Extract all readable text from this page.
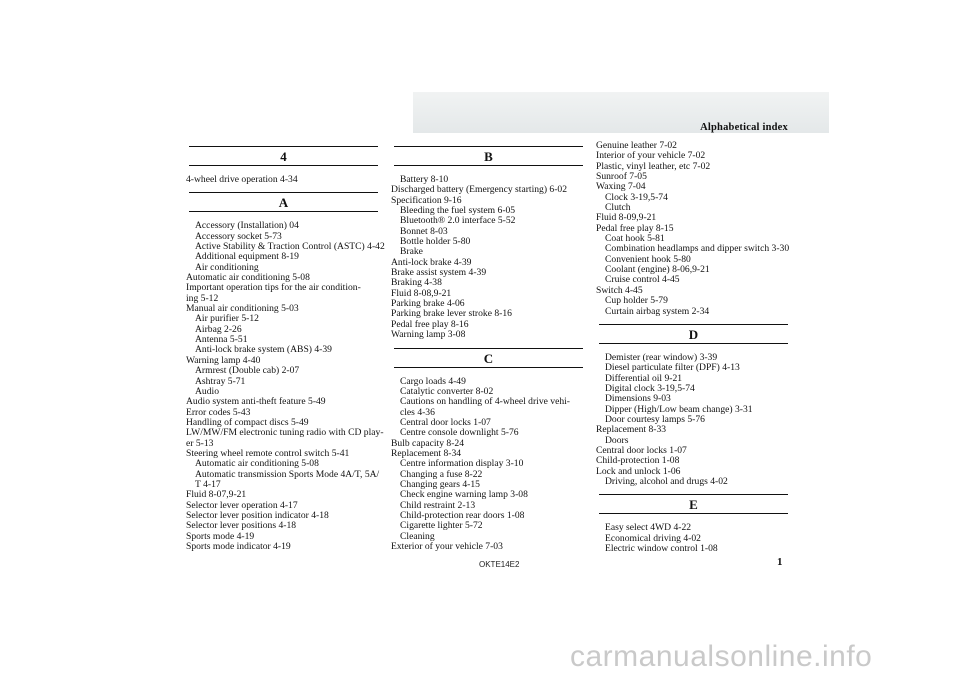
Alphabetical index
4
4-wheel drive operation 4-34
A
Accessory (Installation) 04
Accessory socket 5-73
Active Stability & Traction Control (ASTC) 4-42
Additional equipment 8-19
Air conditioning
Automatic air conditioning 5-08
Important operation tips for the air condition-
ing 5-12
Manual air conditioning 5-03
Air purifier 5-12
Airbag 2-26
Antenna 5-51
Anti-lock brake system (ABS) 4-39
Warning lamp 4-40
Armrest (Double cab) 2-07
Ashtray 5-71
Audio
Audio system anti-theft feature 5-49
Error codes 5-43
Handling of compact discs 5-49
LW/MW/FM electronic tuning radio with CD play-
er 5-13
Steering wheel remote control switch 5-41
Automatic air conditioning 5-08
Automatic transmission Sports Mode 4A/T, 5A/
T 4-17
Fluid 8-07,9-21
Selector lever operation 4-17
Selector lever position indicator 4-18
Selector lever positions 4-18
Sports mode 4-19
Sports mode indicator 4-19
B
Battery 8-10
Discharged battery (Emergency starting) 6-02
Specification 9-16
Bleeding the fuel system 6-05
Bluetooth® 2.0 interface 5-52
Bonnet 8-03
Bottle holder 5-80
Brake
Anti-lock brake 4-39
Brake assist system 4-39
Braking 4-38
Fluid 8-08,9-21
Parking brake 4-06
Parking brake lever stroke 8-16
Pedal free play 8-16
Warning lamp 3-08
C
Cargo loads 4-49
Catalytic converter 8-02
Cautions on handling of 4-wheel drive vehi-
cles 4-36
Central door locks 1-07
Centre console downlight 5-76
Bulb capacity 8-24
Replacement 8-34
Centre information display 3-10
Changing a fuse 8-22
Changing gears 4-15
Check engine warning lamp 3-08
Child restraint 2-13
Child-protection rear doors 1-08
Cigarette lighter 5-72
Cleaning
Exterior of your vehicle 7-03
Genuine leather 7-02
Interior of your vehicle 7-02
Plastic, vinyl leather, etc 7-02
Sunroof 7-05
Waxing 7-04
Clock 3-19,5-74
Clutch
Fluid 8-09,9-21
Pedal free play 8-15
Coat hook 5-81
Combination headlamps and dipper switch 3-30
Convenient hook 5-80
Coolant (engine) 8-06,9-21
Cruise control 4-45
Switch 4-45
Cup holder 5-79
Curtain airbag system 2-34
D
Demister (rear window) 3-39
Diesel particulate filter (DPF) 4-13
Differential oil 9-21
Digital clock 3-19,5-74
Dimensions 9-03
Dipper (High/Low beam change) 3-31
Door courtesy lamps 5-76
Replacement 8-33
Doors
Central door locks 1-07
Child-protection 1-08
Lock and unlock 1-06
Driving, alcohol and drugs 4-02
E
Easy select 4WD 4-22
Economical driving 4-02
Electric window control 1-08
OKTE14E2	1
carmanualsonline.info
